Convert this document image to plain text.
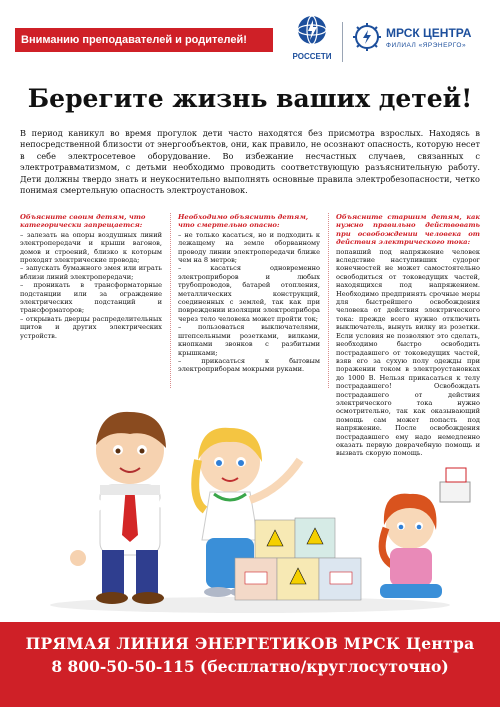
Вниманию преподавателей и родителей!
РОССЕТИ
МРСК ЦЕНТРА
ФИЛИАЛ «ЯРЭНЕРГО»
Берегите жизнь ваших детей!

В период каникул во время прогулок дети часто находятся без присмотра взрослых. Находясь в непосредственной близости от энергообъектов, они, как правило, не осознают опасность, которую несет в себе электросетевое оборудование. Во избежание несчастных случаев, связанных с электротравматизмом, с детьми необходимо проводить соответствующую разъяснительную работу. Дети должны твердо знать и неукоснительно выполнять основные правила электробезопасности, четко понимая смертельную опасность электроустановок.

Объясните своим детям, что категорически запрещается:
– залезать на опоры воздушных линий электропередачи и крыши вагонов, домов и строений, близко к которым проходят электрические провода;
– запускать бумажного змея или играть вблизи линий электропередачи;
– проникать в трансформаторные подстанции или за ограждение электрических подстанций и трансформаторов;
– открывать дверцы распределительных щитов и других электрических устройств.
Необходимо объяснить детям, что смертельно опасно:
– не только касаться, но и подходить к лежащему на земле оборванному проводу линии электропередачи ближе чем на 8 метров;
– касаться одновременно электроприборов и любых трубопроводов, батарей отопления, металлических конструкций, соединенных с землей, так как при повреждении изоляции электроприбора через тело человека может пройти ток;
– пользоваться выключателями, штепсельными розетками, вилками, кнопками звонков с разбитыми крышками;
– прикасаться к бытовым электроприборам мокрыми руками.
Объясните старшим детям, как нужно правильно действовать при освобождении человека от действия электрического тока:

попавший под напряжение человек вследствие наступивших судорог конечностей не может самостоятельно освободиться от токоведущих частей, находящихся под напряжением. Необходимо предпринять срочные меры для быстрейшего освобождения человека от действия электрического тока: прежде всего нужно отключить выключатель, вынуть вилку из розетки. Если условия не позволяют это сделать, необходимо быстро освободить пострадавшего от токоведущих частей, взяв его за сухую полу одежды при поражении током в электроустановках до 1000 В. Нельзя прикасаться к телу пострадавшего! Освобождать пострадавшего от действия электрического тока нужно осмотрительно, так как оказывающий помощь сам может попасть под напряжение. После освобождения пострадавшего ему надо немедленно оказать первую доврачебную помощь и вызвать скорую помощь.

ПРЯМАЯ ЛИНИЯ ЭНЕРГЕТИКОВ МРСК Центра
8 800-50-50-115 (бесплатно/круглосуточно)
